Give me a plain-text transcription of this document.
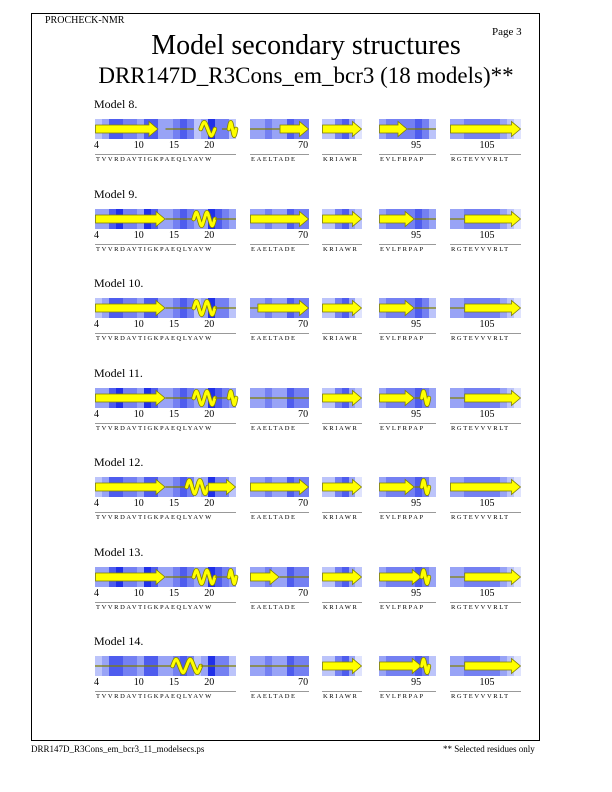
PROCHECK-NMR
Page 3
Model secondary structures
DRR147D_R3Cons_em_bcr3 (18 models)**
Model 8.
4	10	15	20
TVVRDAVTIGKPAEQLYAVW
70
EAELTADE	KRIAWR
95
EVLFRPAP
105
RGTEVVVRLT
Model 9.
4	10	15	20
TVVRDAVTIGKPAEQLYAVW
70
EAELTADE	KRIAWR
95
EVLFRPAP
105
RGTEVVVRLT
Model 10.
4	10	15	20
TVVRDAVTIGKPAEQLYAVW
70
EAELTADE	KRIAWR
95
EVLFRPAP
105
RGTEVVVRLT
Model 11.
4	10	15	20
TVVRDAVTIGKPAEQLYAVW
70
EAELTADE	KRIAWR
95
EVLFRPAP
105
RGTEVVVRLT
Model 12.
4	10	15	20
TVVRDAVTIGKPAEQLYAVW
70
EAELTADE	KRIAWR
95
EVLFRPAP
105
RGTEVVVRLT
Model 13.
4	10	15	20
TVVRDAVTIGKPAEQLYAVW
70
EAELTADE	KRIAWR
95
EVLFRPAP
105
RGTEVVVRLT
Model 14.
4	10	15	20
TVVRDAVTIGKPAEQLYAVW
70
EAELTADE	KRIAWR
95
EVLFRPAP
105
RGTEVVVRLT
DRR147D_R3Cons_em_bcr3_11_modelsecs.ps	** Selected residues only
